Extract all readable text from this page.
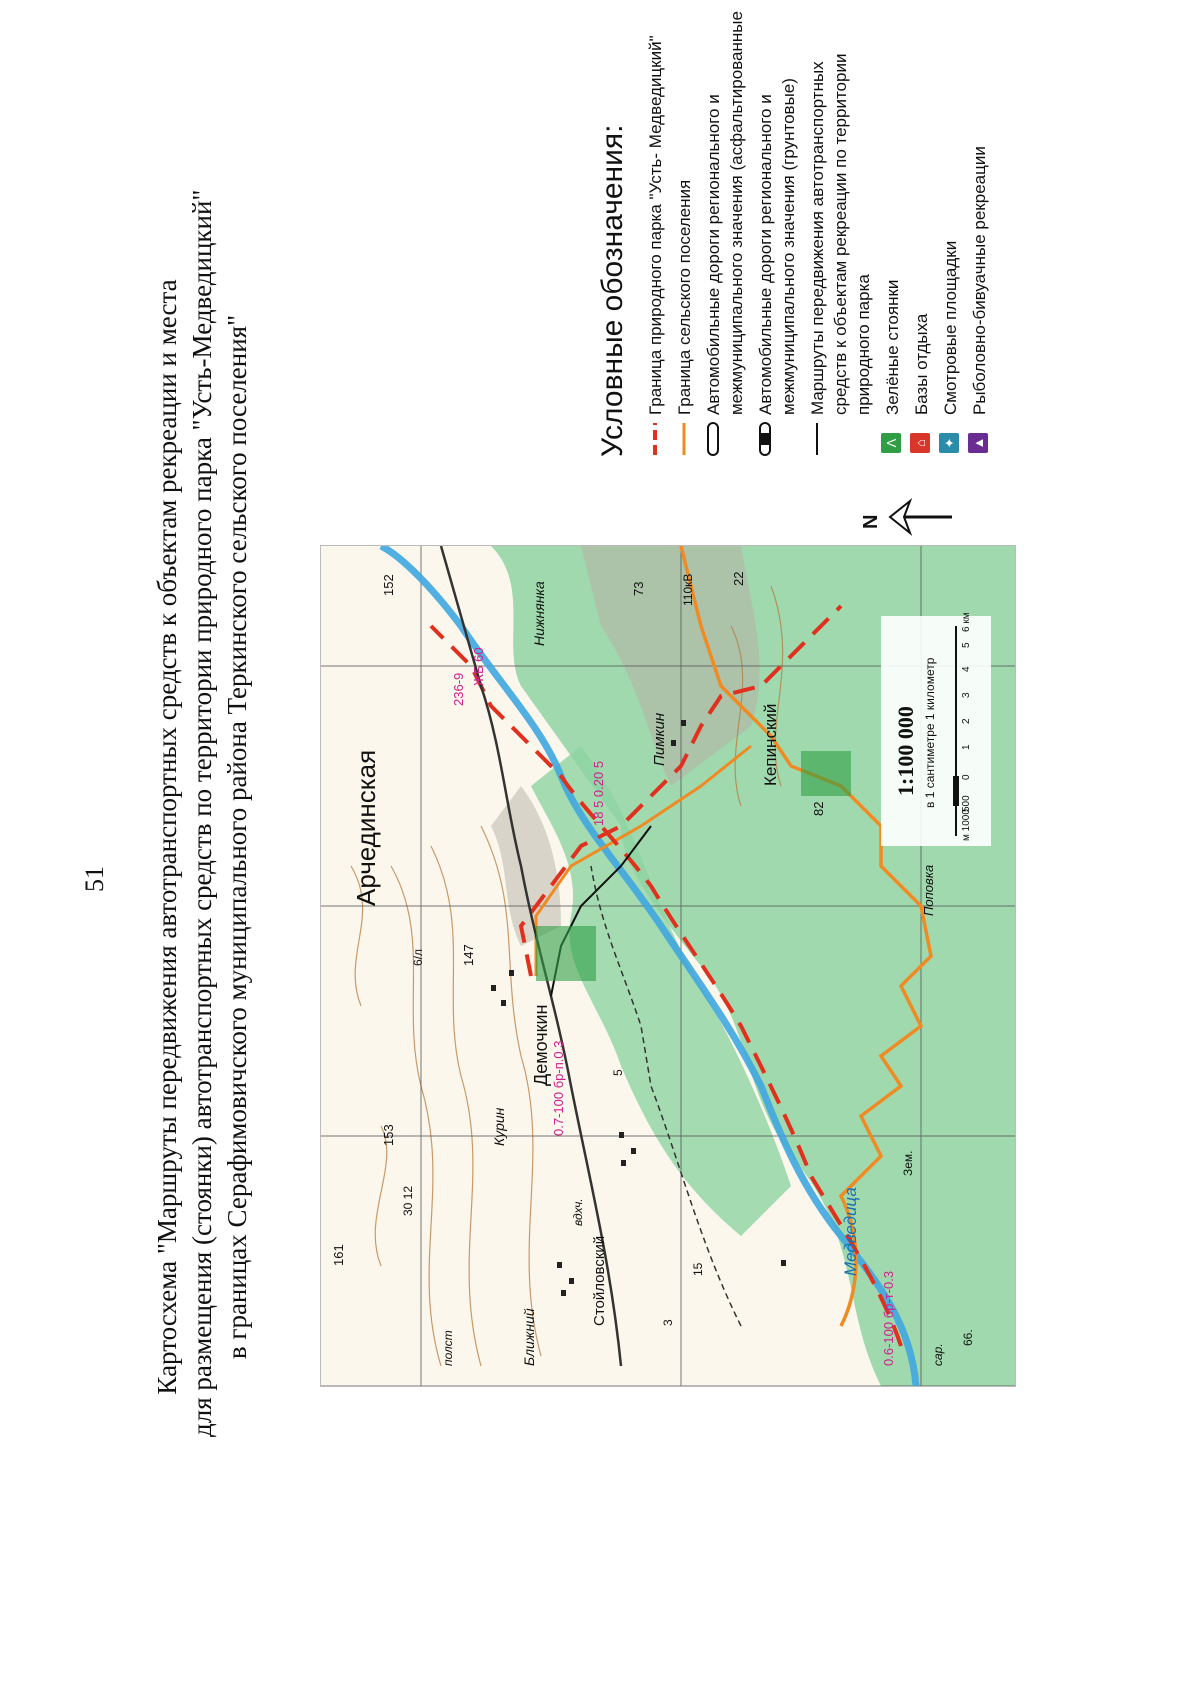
51 Картосхема "Маршруты передвижения автотранспортных средств к объектам рекреации и места для размещения (стоянки) автотранспортных средств по территории природного парка "Усть-Медведицкий" в границах Серафимовичского муниципального района Теркинского сельского поселения"	Арчединская
Демочкин
Курин
Стойловский
Ближний
Кепинский
Пимкин
Нижнянка
Поповка
Медведица
161
153
147
82
73
22
152
6/л
3
5
15
30 12
полст
вдхч.
Зем.
сар.
66.
236-9
ЖБ 60
0.7-100 бр-п.0.3
0.6-100 бр-т-0.3
18 5 0.20 5
110кВ
1:100 000 в 1 сантиметре 1 километр
м 1000
500
0
1
2
3
4
5
6 км
N
Условные обозначения: Граница природного парка "Усть- Медведицкий" Граница сельского поселения Автомобильные дороги регионального и межмуниципального значения (асфальтированные Автомобильные дороги регионального и межмуниципального значения (грунтовые) Маршруты передвижения автотранспортных средств к объектам рекреации по территории природного парка
Λ
Зелёные стоянки
⌂
Базы отдыха
✦
Смотровые площадки
▲
Рыболовно-бивуачные рекреации
